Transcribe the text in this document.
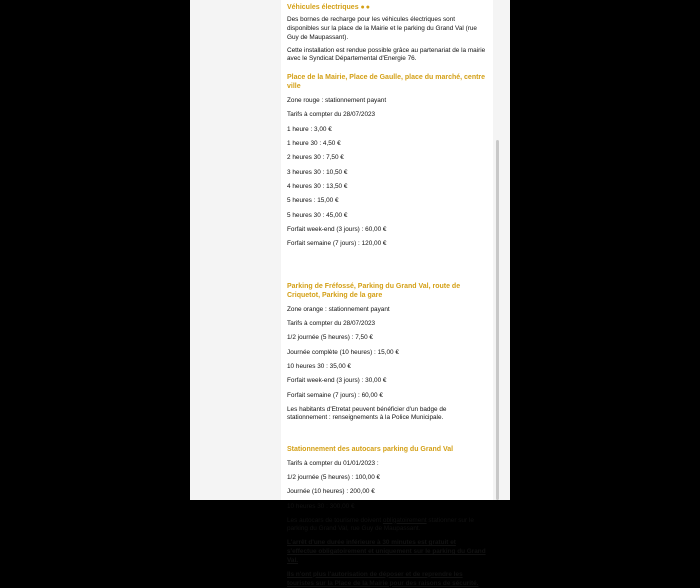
Véhicules électriques ●●

Des bornes de recharge pour les véhicules électriques sont disponibles sur la place de la Mairie et le parking du Grand Val (rue Guy de Maupassant).

Cette installation est rendue possible grâce au partenariat de la mairie avec le Syndicat Départemental d'Energie 76.

Place de la Mairie, Place de Gaulle, place du marché, centre ville
Zone rouge : stationnement payant
Tarifs à compter du 28/07/2023
1 heure : 3,00 €
1 heure 30 : 4,50 €
2 heures 30 : 7,50 €
3 heures 30 : 10,50 €
4 heures 30 : 13,50 €
5 heures : 15,00 €
5 heures 30 : 45,00 €
Forfait week-end (3 jours) : 60,00 €
Forfait semaine (7 jours) : 120,00 €
Parking de Fréfossé, Parking du Grand Val, route de Criquetot, Parking de la gare
Zone orange : stationnement payant
Tarifs à compter du 28/07/2023
1/2 journée (5 heures) : 7,50 €
Journée complète (10 heures) : 15,00 €
10 heures 30 : 35,00 €
Forfait week-end (3 jours) : 30,00 €
Forfait semaine (7 jours) : 60,00 €
Les habitants d'Etretat peuvent bénéficier d'un badge de stationnement : renseignements à la Police Municipale.
Stationnement des autocars parking du Grand Val
Tarifs à compter du 01/01/2023 :
1/2 journée (5 heures) : 100,00 €
Journée (10 heures) : 200,00 €
10 heures 30 : 300,00 €
Les autocars de tourisme doivent obligatoirement stationner sur le parking du Grand Val, rue Guy de Maupassant.
L'arrêt d'une durée inférieure à 30 minutes est gratuit et s'effectue obligatoirement et uniquement sur le parking du Grand Val.
Ils n'ont plus l'autorisation de déposer et de reprendre les touristes sur la Place de la Mairie pour des raisons de sécurité.
